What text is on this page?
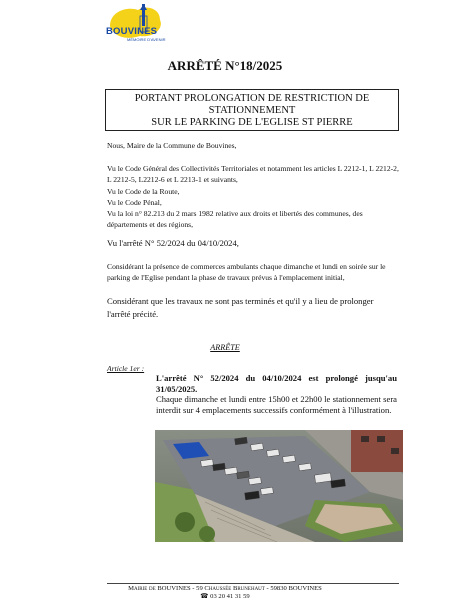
BOUVINES
MÉMOIRE D'AVENIR
ARRÊTÉ N°18/2025
PORTANT PROLONGATION DE RESTRICTION DE
STATIONNEMENT
SUR LE PARKING DE L'EGLISE ST PIERRE
Nous, Maire de la Commune de Bouvines,
Vu le Code Général des Collectivités Territoriales et notamment les articles L 2212-1, L 2212-2, L 2212-5, L2212-6 et L 2213-1 et suivants,
Vu le Code de la Route,
Vu le Code Pénal,
Vu la loi n° 82.213 du 2 mars 1982 relative aux droits et libertés des communes, des départements et des régions,
Vu l'arrêté N° 52/2024 du 04/10/2024,
Considérant la présence de commerces ambulants chaque dimanche et lundi en soirée sur le parking de l'Eglise pendant la phase de travaux prévus à l'emplacement initial,
Considérant que les travaux ne sont pas terminés et qu'il y a lieu de prolonger l'arrêté précité.
ARRÊTE
Article 1er :
L'arrêté N° 52/2024 du 04/10/2024 est prolongé jusqu'au 31/05/2025.
Chaque dimanche et lundi entre 15h00 et 22h00 le stationnement sera interdit sur 4 emplacements successifs conformément à l'illustration.
Mairie de BOUVINES - 59 Chaussée Brunehaut - 59830 BOUVINES
☎ 03 20 41 31 59
